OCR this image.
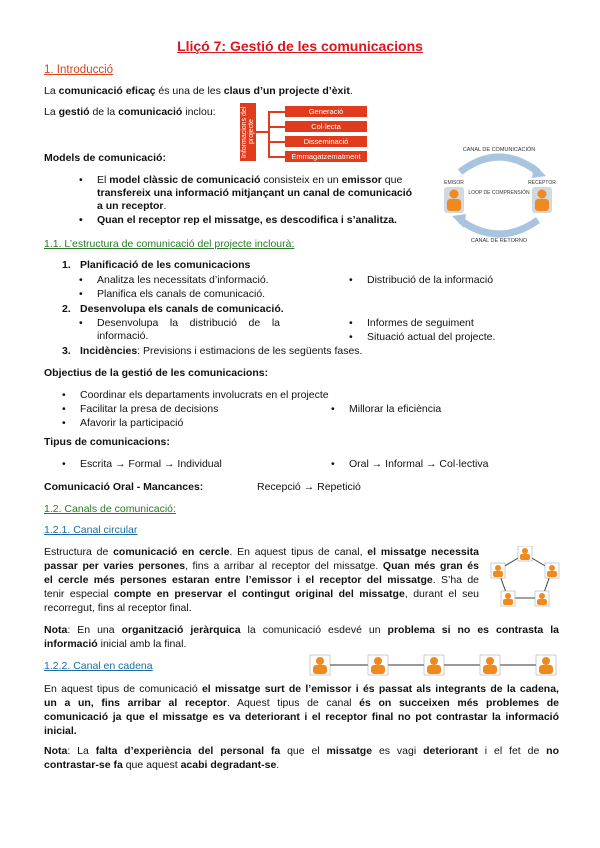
Lliçó 7: Gestió de les comunicacions
1. Introducció
La comunicació eficaç és una de les claus d’un projecte d’èxit.
La gestió de la comunicació inclou:	Informacions del projecte
Generació
Col·lecta
Disseminació
Emmagatzematment
Models de comunicació:
• El model clàssic de comunicació consisteix en un emissor que
transfereix una informació mitjançant un canal de comunicació
a un receptor.
• Quan el receptor rep el missatge, es descodifica i s’analitza.
CANAL DE COMUNICACIÓN
CANAL DE RETORNO
EMISOR	RECEPTOR
LOOP DE COMPRENSIÓN
1.1. L’estructura de comunicació del projecte inclourà:
1. Planificació de les comunicacions
• Analitza les necessitats d’informació.
• Planifica els canals de comunicació.
• Distribució de la informació
2. Desenvolupa els canals de comunicació.
• Desenvolupa la distribució de la
informació.
• Informes de seguiment
• Situació actual del projecte.
3. Incidències: Previsions i estimacions de les següents fases.
Objectius de la gestió de les comunicacions:
• Coordinar els departaments involucrats en el projecte
• Facilitar la presa de decisions
• Afavorir la participació
• Millorar la eficiència
Tipus de comunicacions:
• Escrita → Formal → Individual
•	Oral → Informal → Col·lectiva
Comunicació Oral - Mancances:	Recepció → Repetició
1.2. Canals de comunicació:
1.2.1. Canal circular
Estructura de comunicació en cercle. En aquest tipus de canal, el missatge necessita
passar per varies persones, fins a arribar al receptor del missatge. Quan més gran és
el cercle més persones estaran entre l’emissor i el receptor del missatge. S’ha de
tenir especial compte en preservar el contingut original del missatge, durant el seu
recorregut, fins al receptor final.
Nota: En una organització jeràrquica la comunicació esdevé un problema si no es contrasta la
informació inicial amb la final.
1.2.2. Canal en cadena
En aquest tipus de comunicació el missatge surt de l’emissor i és passat als integrants de la cadena,
un a un, fins arribar al receptor. Aquest tipus de canal és on succeixen més problemes de
comunicació ja que el missatge es va deteriorant i el receptor final no pot contrastar la informació
inicial.
Nota: La falta d’experiència del personal fa que el missatge es vagi deteriorant i el fet de no
contrastar-se fa que aquest acabi degradant-se.
